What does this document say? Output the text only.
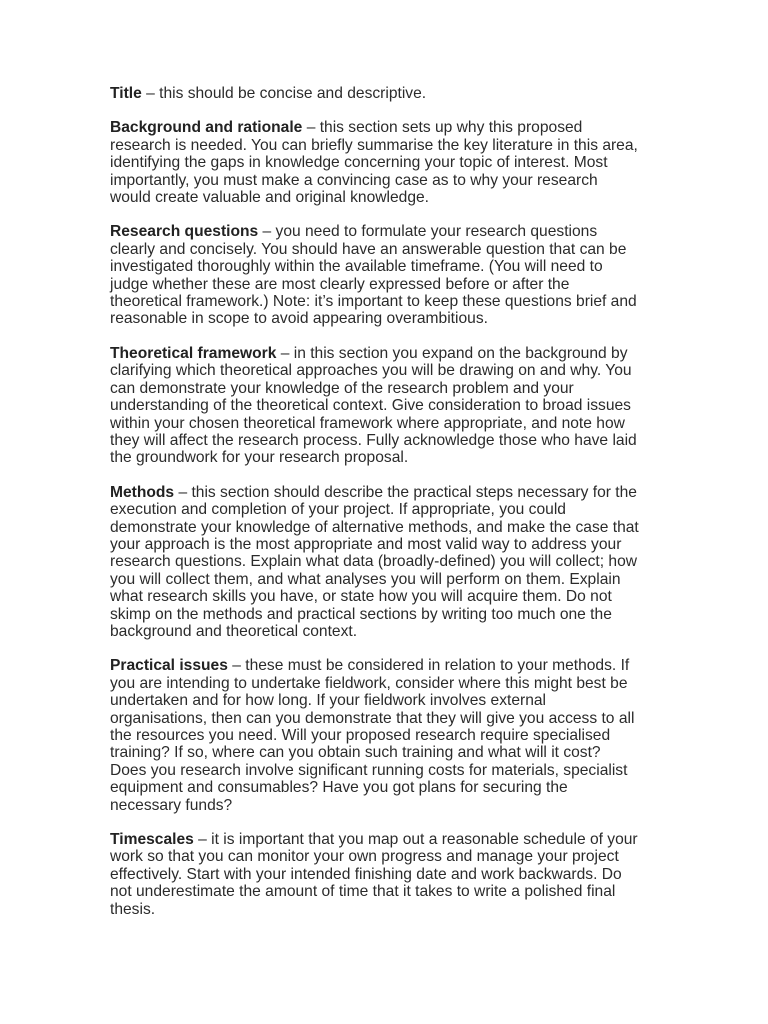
Title – this should be concise and descriptive.

Background and rationale – this section sets up why this proposed
research is needed. You can briefly summarise the key literature in this area,
identifying the gaps in knowledge concerning your topic of interest. Most
importantly, you must make a convincing case as to why your research
would create valuable and original knowledge.

Research questions – you need to formulate your research questions
clearly and concisely. You should have an answerable question that can be
investigated thoroughly within the available timeframe. (You will need to
judge whether these are most clearly expressed before or after the
theoretical framework.) Note: it’s important to keep these questions brief and
reasonable in scope to avoid appearing overambitious.

Theoretical framework – in this section you expand on the background by
clarifying which theoretical approaches you will be drawing on and why. You
can demonstrate your knowledge of the research problem and your
understanding of the theoretical context. Give consideration to broad issues
within your chosen theoretical framework where appropriate, and note how
they will affect the research process. Fully acknowledge those who have laid
the groundwork for your research proposal.

Methods – this section should describe the practical steps necessary for the
execution and completion of your project. If appropriate, you could
demonstrate your knowledge of alternative methods, and make the case that
your approach is the most appropriate and most valid way to address your
research questions. Explain what data (broadly-defined) you will collect; how
you will collect them, and what analyses you will perform on them. Explain
what research skills you have, or state how you will acquire them. Do not
skimp on the methods and practical sections by writing too much one the
background and theoretical context.

Practical issues – these must be considered in relation to your methods. If
you are intending to undertake fieldwork, consider where this might best be
undertaken and for how long. If your fieldwork involves external
organisations, then can you demonstrate that they will give you access to all
the resources you need. Will your proposed research require specialised
training? If so, where can you obtain such training and what will it cost?
Does you research involve significant running costs for materials, specialist
equipment and consumables? Have you got plans for securing the
necessary funds?

Timescales – it is important that you map out a reasonable schedule of your
work so that you can monitor your own progress and manage your project
effectively. Start with your intended finishing date and work backwards. Do
not underestimate the amount of time that it takes to write a polished final
thesis.
